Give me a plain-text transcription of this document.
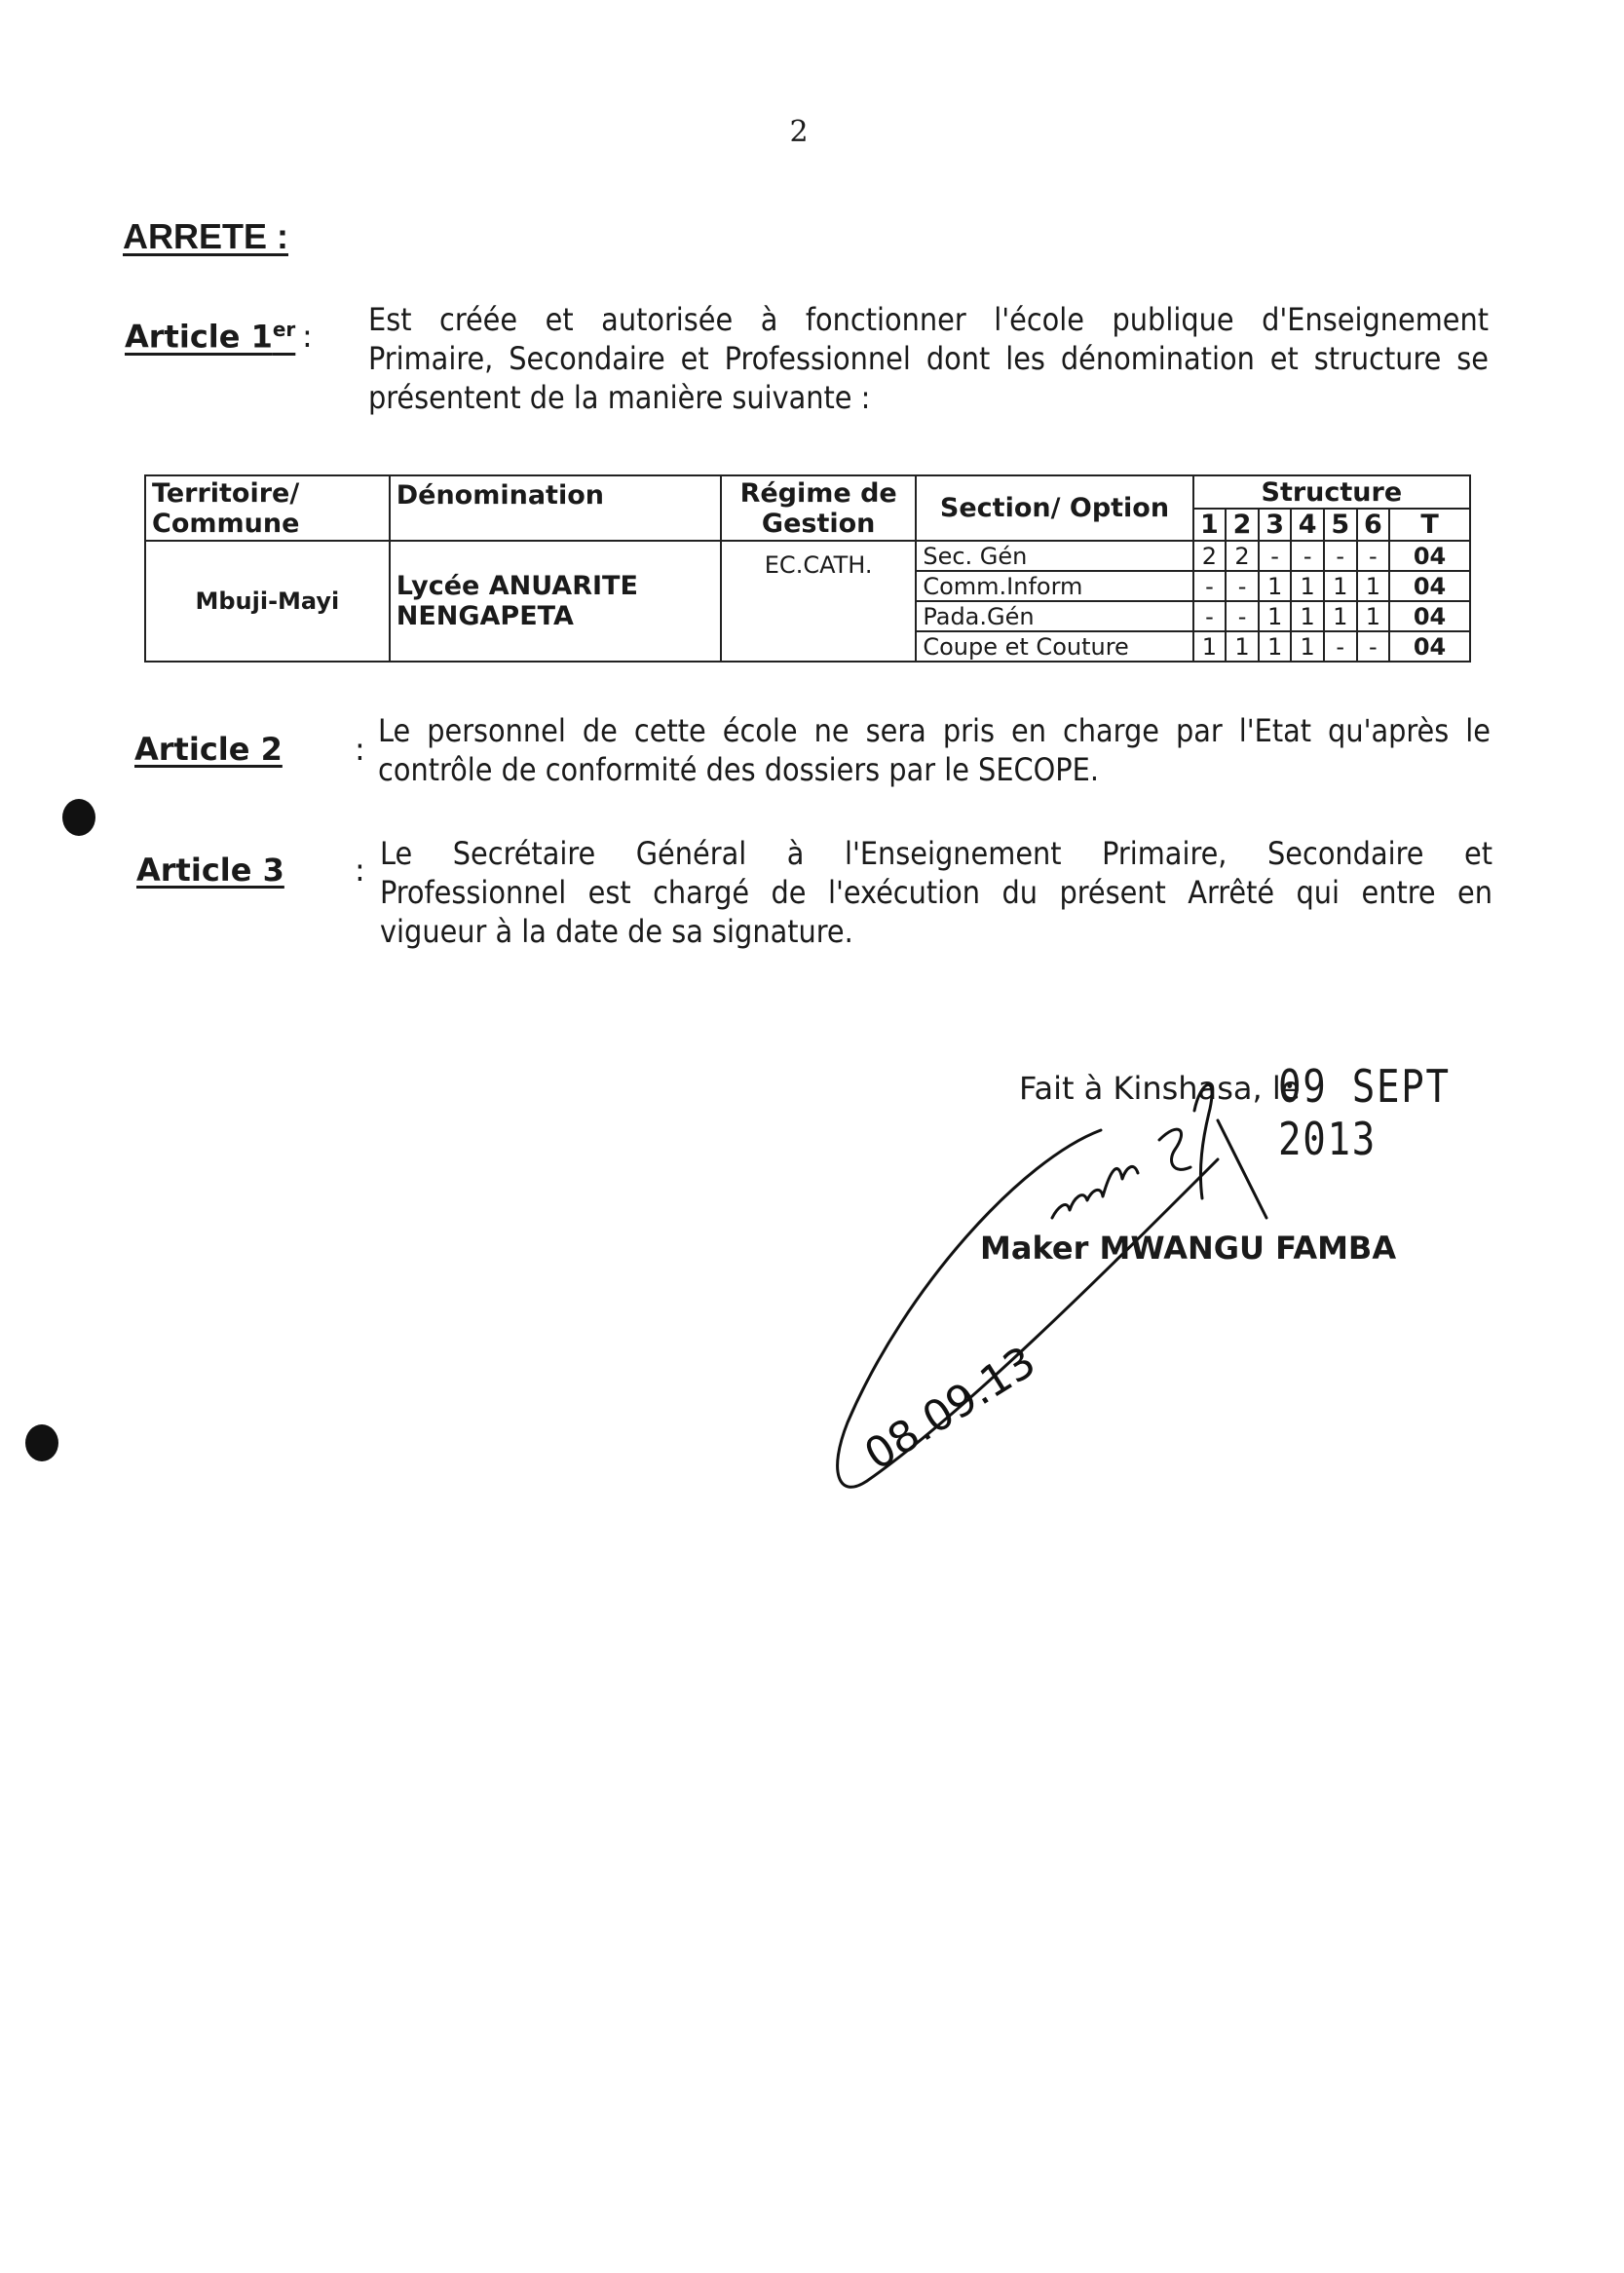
2
ARRETE :
Article 1er : Est créée et autorisée à fonctionner l'école publique d'Enseignement
Primaire, Secondaire et Professionnel dont les dénomination et structure se
présentent de la manière suivante :
Territoire/ Commune	Dénomination	Régime de Gestion	Section/ Option	Structure						
				1	2	3	4	5	6	T
Mbuji-Mayi	Lycée ANUARITE NENGAPETA	EC.CATH.	Sec. Gén	2	2	-	-	-	-	04
			Comm.Inform	-	-	1	1	1	1	04
			Pada.Gén	-	-	1	1	1	1	04
			Coupe et Couture	1	1	1	1	-	-	04
Article 2 : Le personnel de cette école ne sera pris en charge par l'Etat qu'après le
contrôle de conformité des dossiers par le SECOPE.
Article 3 : Le Secrétaire Général à l'Enseignement Primaire, Secondaire et
Professionnel est chargé de l'exécution du présent Arrêté qui entre en
vigueur à la date de sa signature.
Fait à Kinshasa, le
09 SEPT 2013
08.09.13
Maker MWANGU FAMBA
